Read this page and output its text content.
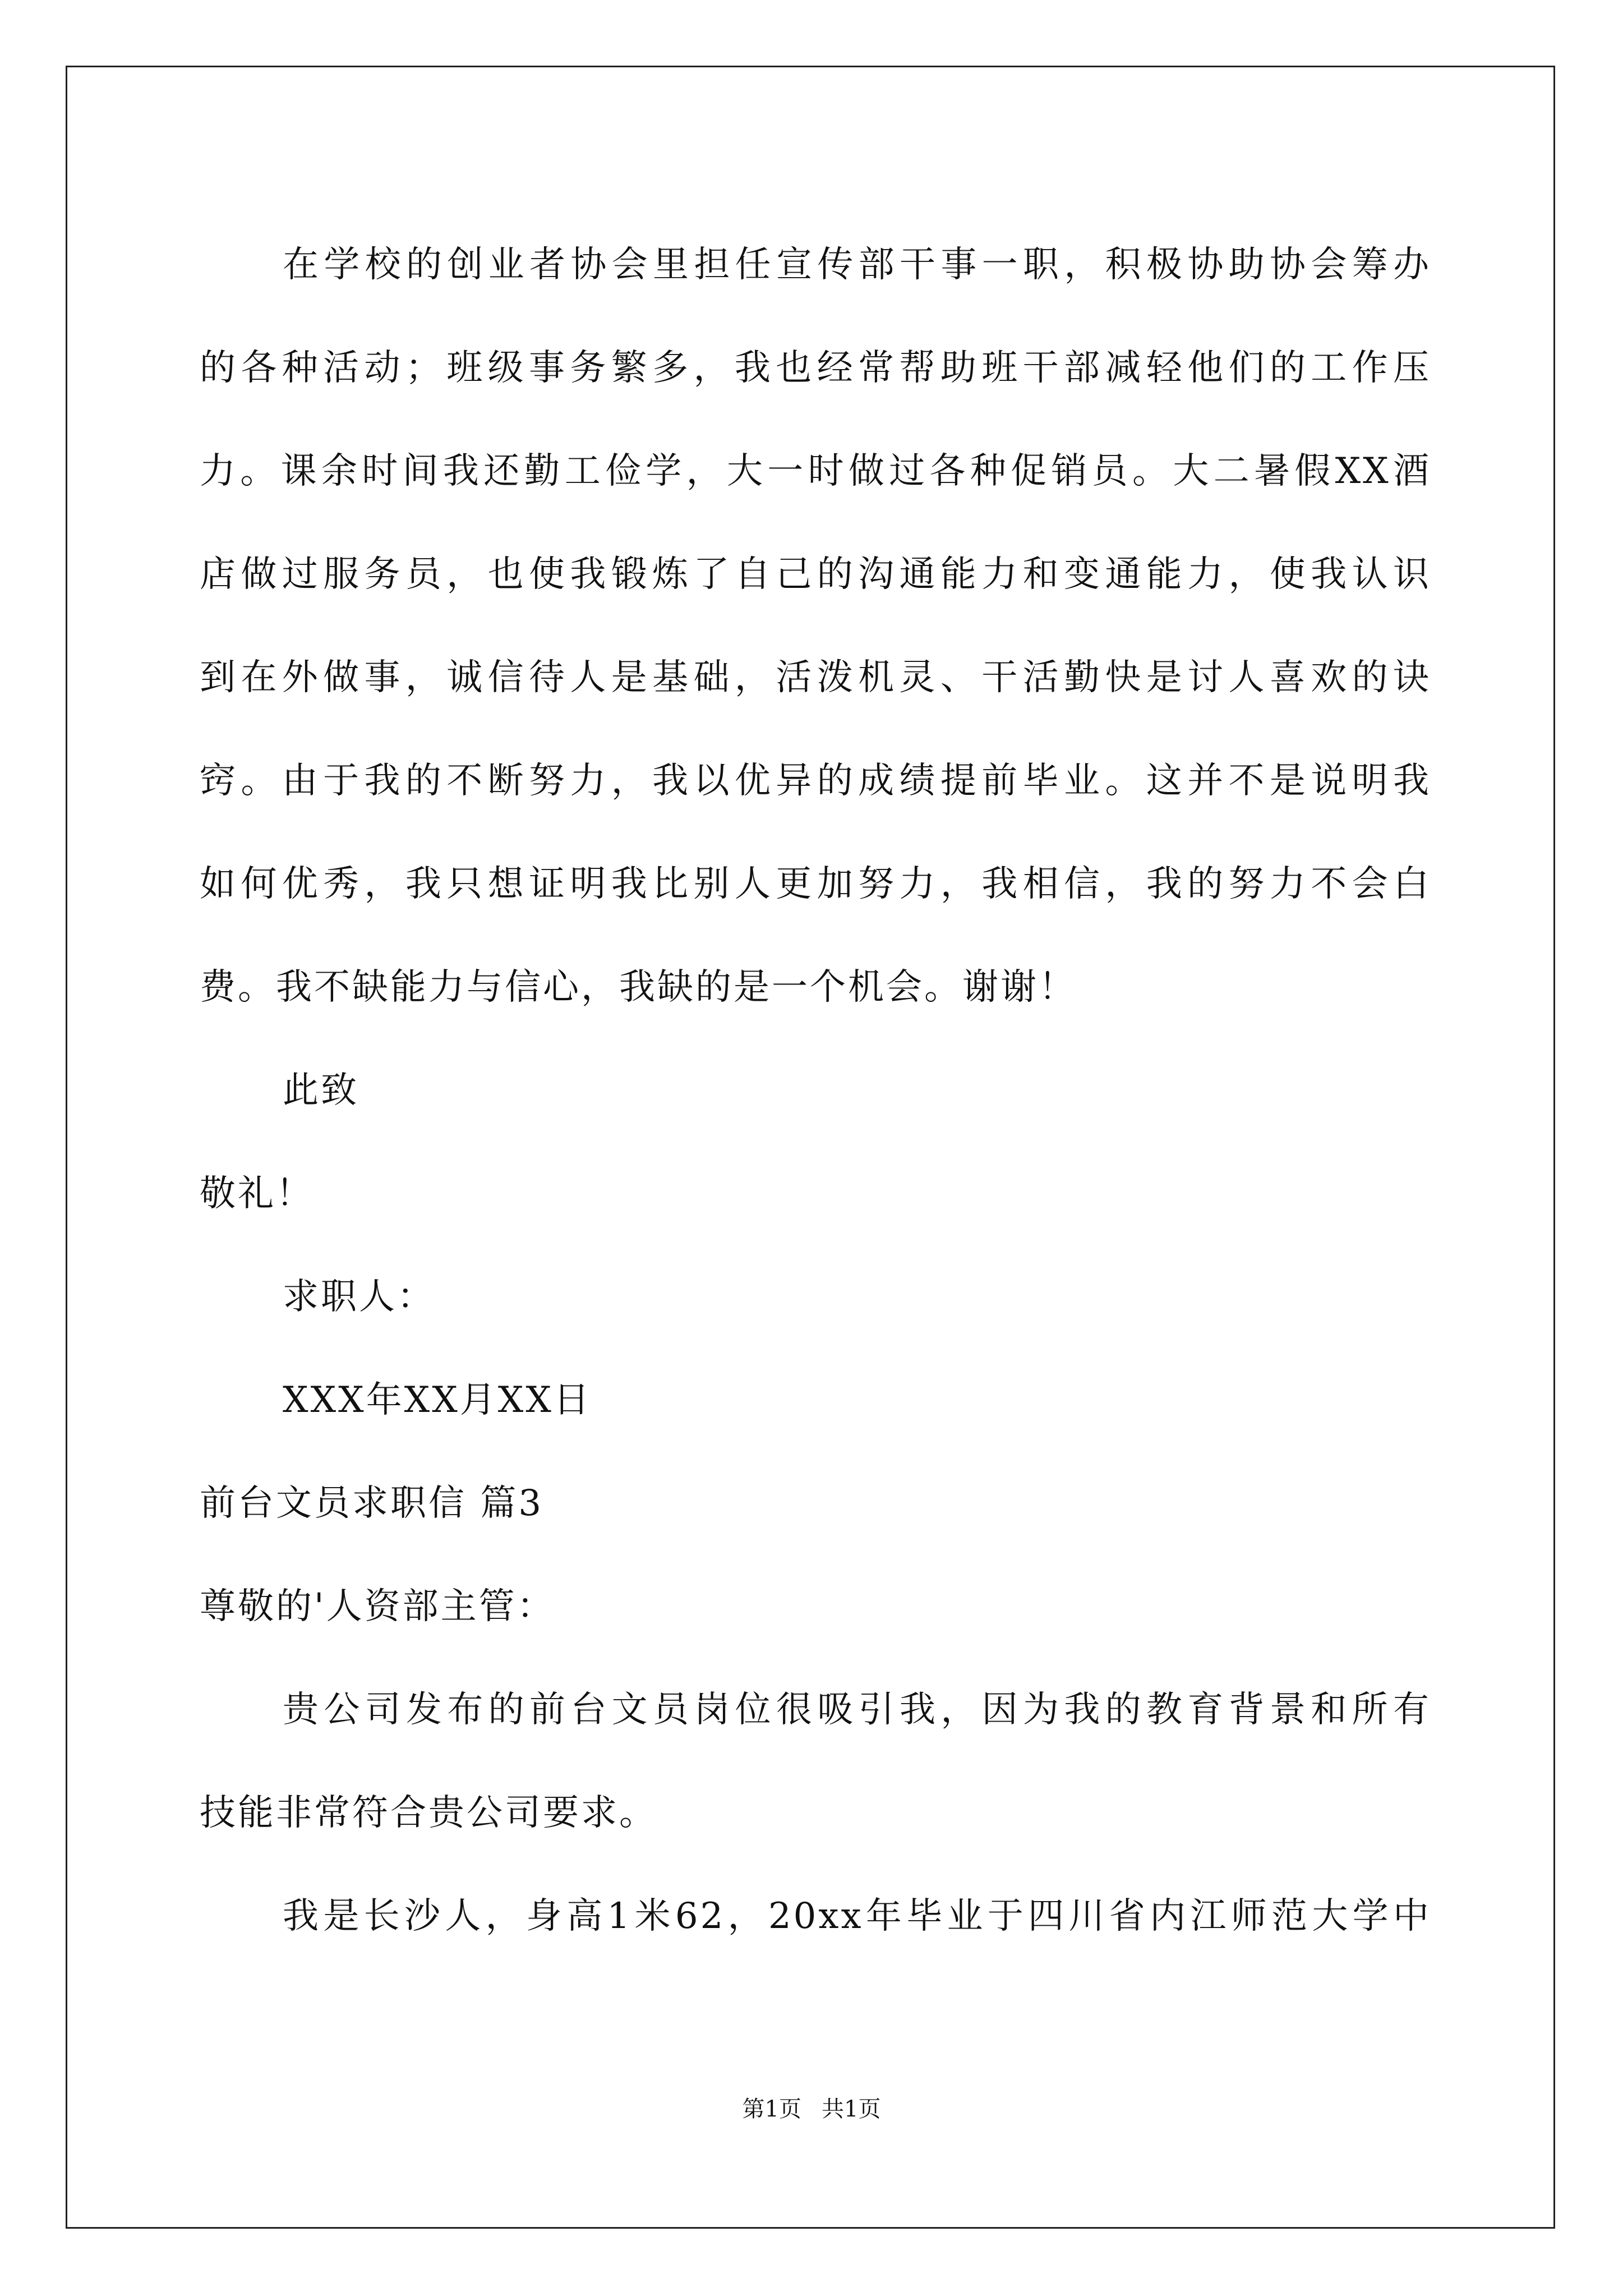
在学校的创业者协会里担任宣传部干事一职，积极协助协会筹办
的各种活动；班级事务繁多，我也经常帮助班干部减轻他们的工作压
力。课余时间我还勤工俭学，大一时做过各种促销员。大二暑假XX酒
店做过服务员，也使我锻炼了自己的沟通能力和变通能力，使我认识
到在外做事，诚信待人是基础，活泼机灵、干活勤快是讨人喜欢的诀
窍。由于我的不断努力，我以优异的成绩提前毕业。这并不是说明我
如何优秀，我只想证明我比别人更加努力，我相信，我的努力不会白
费。我不缺能力与信心，我缺的是一个机会。谢谢！
此致
敬礼！
求职人：
XXX年XX月XX日
前台文员求职信 篇3
尊敬的'人资部主管：
贵公司发布的前台文员岗位很吸引我，因为我的教育背景和所有
技能非常符合贵公司要求。
我是长沙人，身高1米62，20xx年毕业于四川省内江师范大学中
第1页 共1页
